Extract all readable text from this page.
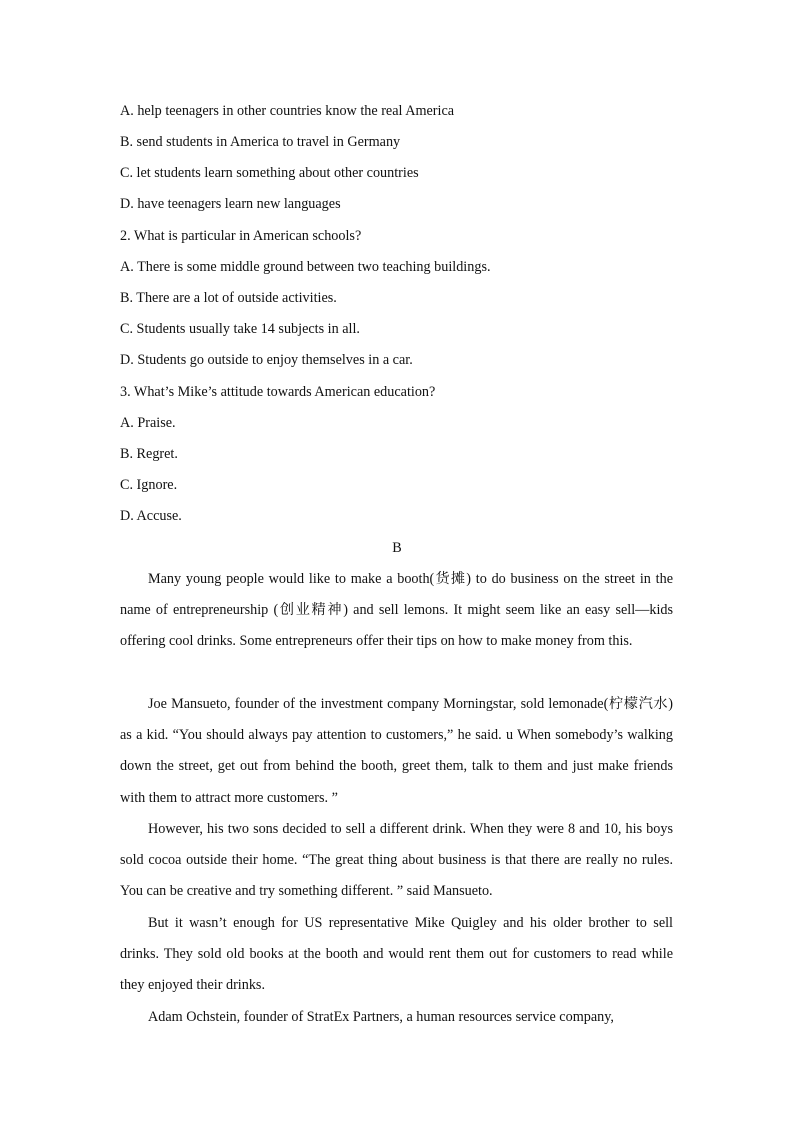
A. help teenagers in other countries know the real America
B. send students in America to travel in Germany
C. let students learn something about other countries
D. have teenagers learn new languages
2. What is particular in American schools?
A. There is some middle ground between two teaching buildings.
B. There are a lot of outside activities.
C. Students usually take 14 subjects in all.
D. Students go outside to enjoy themselves in a car.
3. What’s Mike’s attitude towards American education?
A. Praise.
B. Regret.
C. Ignore.
D. Accuse.
B
Many young people would like to make a booth(货摊) to do business on the street in the name of entrepreneurship (创业精神) and sell lemons. It might seem like an easy sell—kids offering cool drinks. Some entrepreneurs offer their tips on how to make money from this.
Joe Mansueto, founder of the investment company Morningstar, sold lemonade(柠檬汽水) as a kid. “You should always pay attention to customers,” he said. u When somebody’s walking down the street, get out from behind the booth, greet them, talk to them and just make friends with them to attract more customers. ”
However, his two sons decided to sell a different drink. When they were 8 and 10, his boys sold cocoa outside their home. “The great thing about business is that there are really no rules. You can be creative and try something different. ” said Mansueto.
But it wasn’t enough for US representative Mike Quigley and his older brother to sell drinks. They sold old books at the booth and would rent them out for customers to read while they enjoyed their drinks.
Adam Ochstein, founder of StratEx Partners, a human resources service company,
